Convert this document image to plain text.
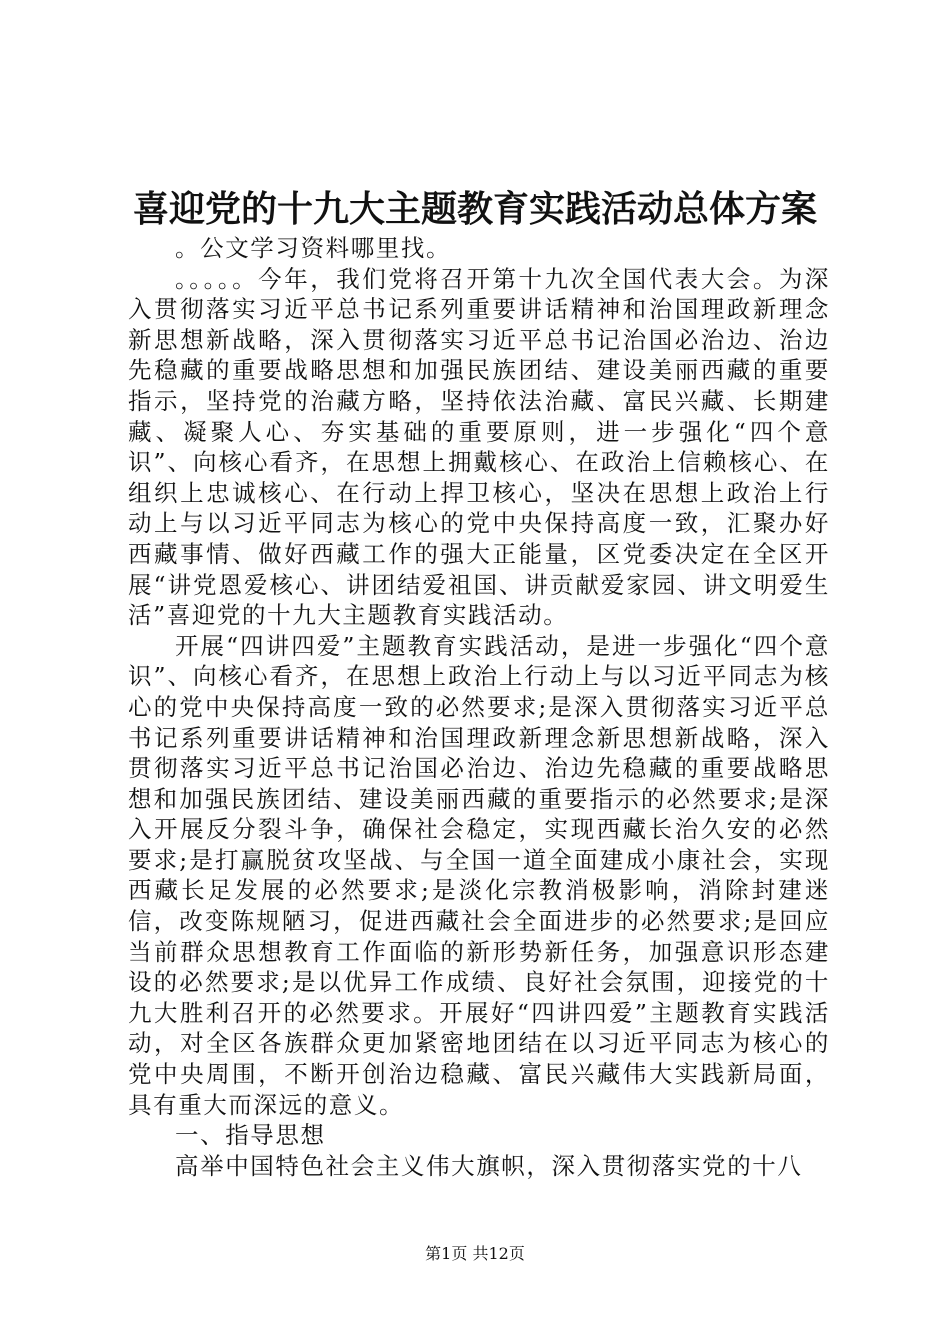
喜迎党的十九大主题教育实践活动总体方案

。公文学习资料哪里找。

。。。。。今年，我们党将召开第十九次全国代表大会。为深入贯彻落实习近平总书记系列重要讲话精神和治国理政新理念新思想新战略，深入贯彻落实习近平总书记治国必治边、治边先稳藏的重要战略思想和加强民族团结、建设美丽西藏的重要指示，坚持党的治藏方略，坚持依法治藏、富民兴藏、长期建藏、凝聚人心、夯实基础的重要原则，进一步强化“四个意识”、向核心看齐，在思想上拥戴核心、在政治上信赖核心、在组织上忠诚核心、在行动上捍卫核心，坚决在思想上政治上行动上与以习近平同志为核心的党中央保持高度一致，汇聚办好西藏事情、做好西藏工作的强大正能量，区党委决定在全区开展“讲党恩爱核心、讲团结爱祖国、讲贡献爱家园、讲文明爱生活”喜迎党的十九大主题教育实践活动。

开展“四讲四爱”主题教育实践活动，是进一步强化“四个意识”、向核心看齐，在思想上政治上行动上与以习近平同志为核心的党中央保持高度一致的必然要求;是深入贯彻落实习近平总书记系列重要讲话精神和治国理政新理念新思想新战略，深入贯彻落实习近平总书记治国必治边、治边先稳藏的重要战略思想和加强民族团结、建设美丽西藏的重要指示的必然要求;是深入开展反分裂斗争，确保社会稳定，实现西藏长治久安的必然要求;是打赢脱贫攻坚战、与全国一道全面建成小康社会，实现西藏长足发展的必然要求;是淡化宗教消极影响，消除封建迷信，改变陈规陋习，促进西藏社会全面进步的必然要求;是回应当前群众思想教育工作面临的新形势新任务，加强意识形态建设的必然要求;是以优异工作成绩、良好社会氛围，迎接党的十九大胜利召开的必然要求。开展好“四讲四爱”主题教育实践活动，对全区各族群众更加紧密地团结在以习近平同志为核心的党中央周围，不断开创治边稳藏、富民兴藏伟大实践新局面，具有重大而深远的意义。

一、指导思想

高举中国特色社会主义伟大旗帜，深入贯彻落实党的十八

第1页 共12页
